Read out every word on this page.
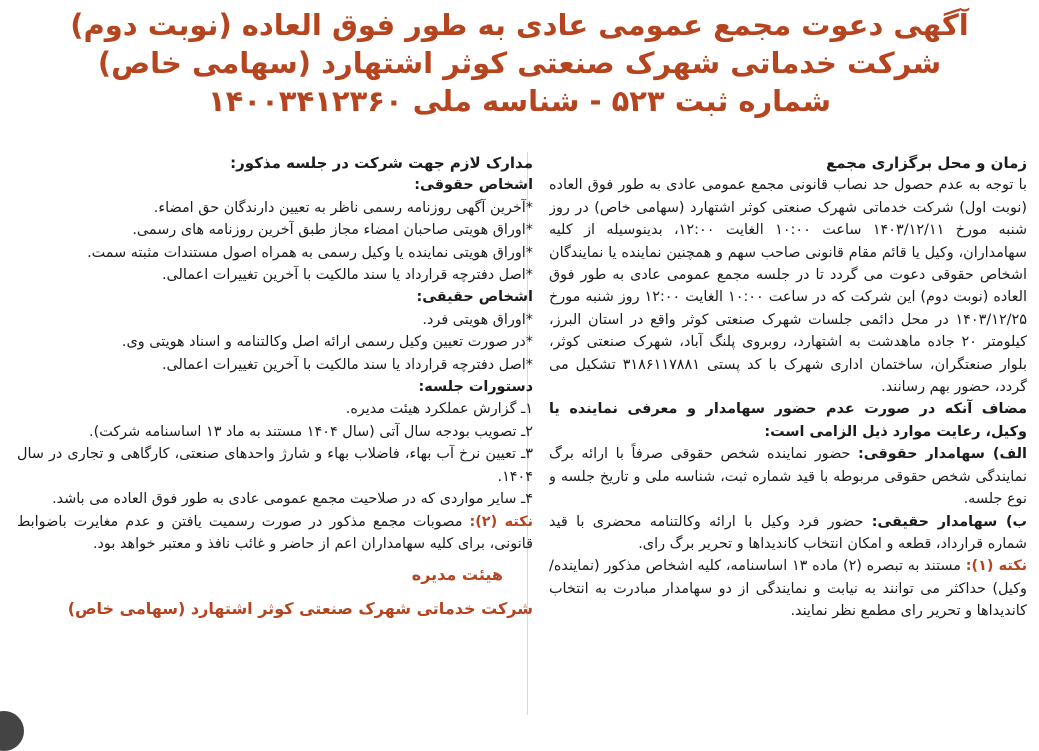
آگهی دعوت مجمع عمومی عادی به طور فوق العاده (نوبت دوم)
شرکت خدماتی شهرک صنعتی کوثر اشتهارد (سهامی خاص)
شماره ثبت ۵۲۳ - شناسه ملی ۱۴۰۰۳۴۱۲۳۶۰

زمان و محل برگزاری مجمع

با توجه به عدم حصول حد نصاب قانونی مجمع عمومی عادی به طور فوق العاده (نوبت اول) شرکت خدماتی شهرک صنعتی کوثر اشتهارد (سهامی خاص) در روز شنبه مورخ ۱۴۰۳/۱۲/۱۱ ساعت ۱۰:۰۰ الغایت ۱۲:۰۰، بدینوسیله از کلیه سهامداران، وکیل یا قائم مقام قانونی صاحب سهم و همچنین نماینده یا نمایندگان اشخاص حقوقی دعوت می گردد تا در جلسه مجمع عمومی عادی به طور فوق العاده (نوبت دوم) این شرکت که در ساعت ۱۰:۰۰ الغایت ۱۲:۰۰ روز شنبه مورخ ۱۴۰۳/۱۲/۲۵ در محل دائمی جلسات شهرک صنعتی کوثر واقع در استان البرز، کیلومتر ۲۰ جاده ماهدشت به اشتهارد، روبروی پلنگ آباد، شهرک صنعتی کوثر، بلوار صنعتگران، ساختمان اداری شهرک با کد پستی ۳۱۸۶۱۱۷۸۸۱ تشکیل می گردد، حضور بهم رسانند.

مضاف آنکه در صورت عدم حضور سهامدار و معرفی نماینده یا وکیل، رعایت موارد ذیل الزامی است:

الف) سهامدار حقوقی: حضور نماینده شخص حقوقی صرفاً با ارائه برگ نمایندگی شخص حقوقی مربوطه با قید شماره ثبت، شناسه ملی و تاریخ جلسه و نوع جلسه.

ب) سهامدار حقیقی: حضور فرد وکیل با ارائه وکالتنامه محضری با قید شماره قرارداد، قطعه و امکان انتخاب کاندیداها و تحریر برگ رای.

نکته (۱): مستند به تبصره (۲) ماده ۱۳ اساسنامه، کلیه اشخاص مذکور (نماینده/وکیل) حداکثر می توانند به نیابت و نمایندگی از دو سهامدار مبادرت به انتخاب کاندیداها و تحریر رای مطمع نظر نمایند.

مدارک لازم جهت شرکت در جلسه مذکور:

اشخاص حقوقی:

*آخرین آگهی روزنامه رسمی ناظر به تعیین دارندگان حق امضاء.

*اوراق هویتی صاحبان امضاء مجاز طبق آخرین روزنامه های رسمی.

*اوراق هویتی نماینده یا وکیل رسمی به همراه اصول مستندات مثبته سمت.

*اصل دفترچه قرارداد یا سند مالکیت با آخرین تغییرات اعمالی.

اشخاص حقیقی:

*اوراق هویتی فرد.

*در صورت تعیین وکیل رسمی ارائه اصل وکالتنامه و اسناد هویتی وی.

*اصل دفترچه قرارداد یا سند مالکیت با آخرین تغییرات اعمالی.

دستورات جلسه:

۱ـ گزارش عملکرد هیئت مدیره.

۲ـ تصویب بودجه سال آتی (سال ۱۴۰۴ مستند به ماد ۱۳ اساسنامه شرکت).

۳ـ تعیین نرخ آب بهاء، فاضلاب بهاء و شارژ واحدهای صنعتی، کارگاهی و تجاری در سال ۱۴۰۴.

۴ـ سایر مواردی که در صلاحیت مجمع عمومی عادی به طور فوق العاده می باشد.

نکته (۲): مصوبات مجمع مذکور در صورت رسمیت یافتن و عدم مغایرت باضوابط قانونی، برای کلیه سهامداران اعم از حاضر و غائب نافذ و معتبر خواهد بود.

هیئت مدیره

شرکت خدماتی شهرک صنعتی کوثر اشتهارد (سهامی خاص)
